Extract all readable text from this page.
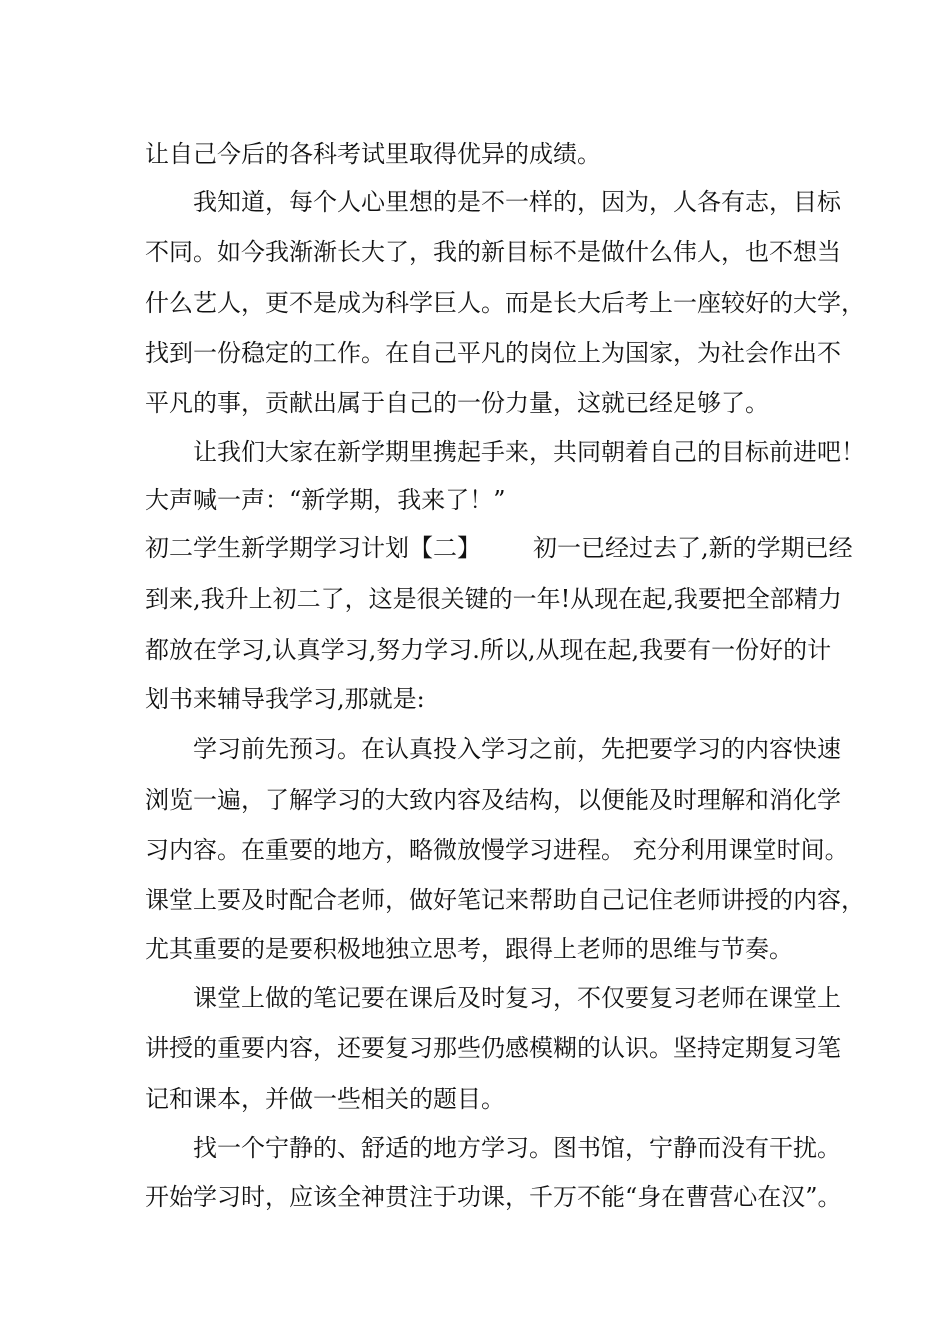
让自己今后的各科考试里取得优异的成绩。
我知道，每个人心里想的是不一样的，因为，人各有志，目标
不同。如今我渐渐长大了，我的新目标不是做什么伟人，也不想当
什么艺人，更不是成为科学巨人。而是长大后考上一座较好的大学，
找到一份稳定的工作。在自己平凡的岗位上为国家，为社会作出不
平凡的事，贡献出属于自己的一份力量，这就已经足够了。
让我们大家在新学期里携起手来，共同朝着自己的目标前进吧！
大声喊一声：“新学期，我来了！”
初二学生新学期学习计划【二】 初一已经过去了,新的学期已经
到来,我升上初二了，这是很关键的一年!从现在起,我要把全部精力
都放在学习,认真学习,努力学习.所以,从现在起,我要有一份好的计
划书来辅导我学习,那就是:
学习前先预习。在认真投入学习之前，先把要学习的内容快速
浏览一遍，了解学习的大致内容及结构，以便能及时理解和消化学
习内容。在重要的地方，略微放慢学习进程。 充分利用课堂时间。
课堂上要及时配合老师，做好笔记来帮助自己记住老师讲授的内容，
尤其重要的是要积极地独立思考，跟得上老师的思维与节奏。
课堂上做的笔记要在课后及时复习，不仅要复习老师在课堂上
讲授的重要内容，还要复习那些仍感模糊的认识。坚持定期复习笔
记和课本，并做一些相关的题目。
找一个宁静的、舒适的地方学习。图书馆，宁静而没有干扰。
开始学习时，应该全神贯注于功课，千万不能“身在曹营心在汉”。
